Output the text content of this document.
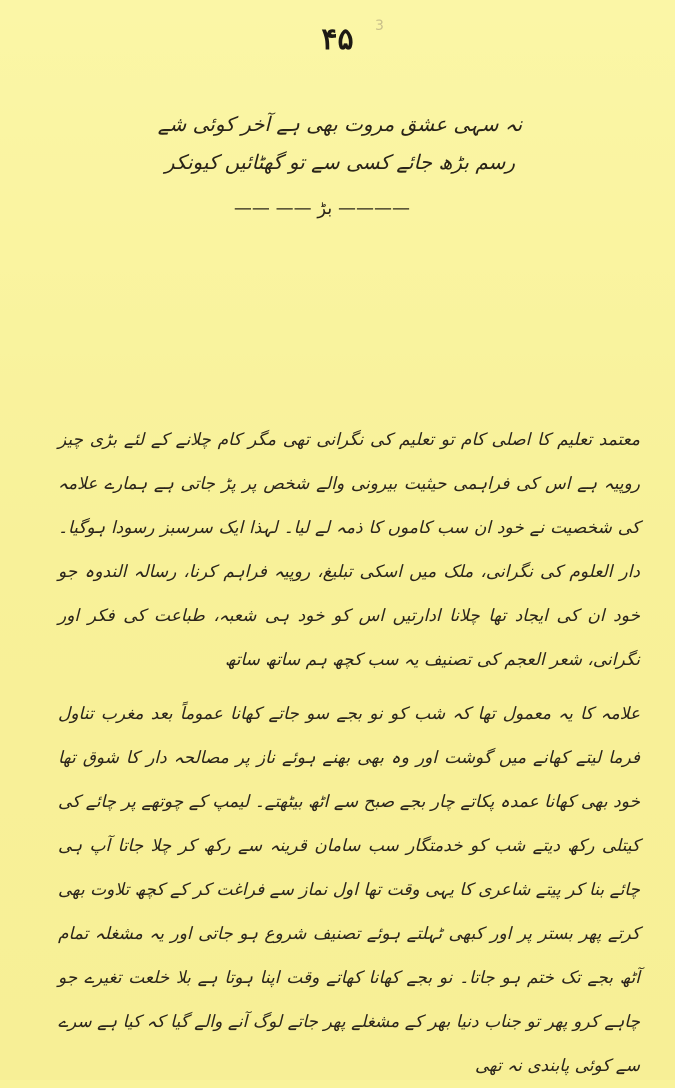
۴۵	3
نہ سہی عشق مروت بھی ہے آخر کوئی شے
رسم بڑھ جائے کسی سے تو گھٹائیں کیونکر
———— بڑ —— ——

معتمد تعلیم کا اصلی کام تو تعلیم کی نگرانی تھی مگر کام چلانے کے لئے بڑی چیز روپیہ ہے اس کی فراہمی حیثیت بیرونی والے شخص پر پڑ جاتی ہے ہمارے علامہ کی شخصیت نے خود ان سب کاموں کا ذمہ لے لیا۔ لہذا ایک سرسبز رسودا ہوگیا۔ دار العلوم کی نگرانی، ملک میں اسکی تبلیغ، روپیہ فراہم کرنا، رسالہ الندوہ جو خود ان کی ایجاد تھا چلانا ادارتیں اس کو خود ہی شعبہ، طباعت کی فکر اور نگرانی، شعر العجم کی تصنیف یہ سب کچھ ہم ساتھ ساتھ

علامہ کا یہ معمول تھا کہ شب کو نو بجے سو جاتے کھانا عموماً بعد مغرب تناول فرما لیتے کھانے میں گوشت اور وہ بھی بھنے ہوئے ناز پر مصالحہ دار کا شوق تھا خود بھی کھانا عمدہ پکاتے چار بجے صبح سے اٹھ بیٹھتے۔ لیمپ کے چوتھے پر چائے کی کیتلی رکھ دیتے شب کو خدمتگار سب سامان قرینہ سے رکھ کر چلا جاتا آپ ہی چائے بنا کر پیتے شاعری کا یہی وقت تھا اول نماز سے فراغت کر کے کچھ تلاوت بھی کرتے پھر بستر پر اور کبھی ٹہلتے ہوئے تصنیف شروع ہو جاتی اور یہ مشغلہ تمام آٹھ بجے تک ختم ہو جاتا۔ نو بجے کھانا کھاتے وقت اپنا ہوتا ہے بلا خلعت تغیرے جو چاہے کرو پھر تو جناب دنیا بھر کے مشغلے پھر جاتے لوگ آنے والے گیا کہ کیا ہے سرے سے کوئی پابندی نہ تھی
